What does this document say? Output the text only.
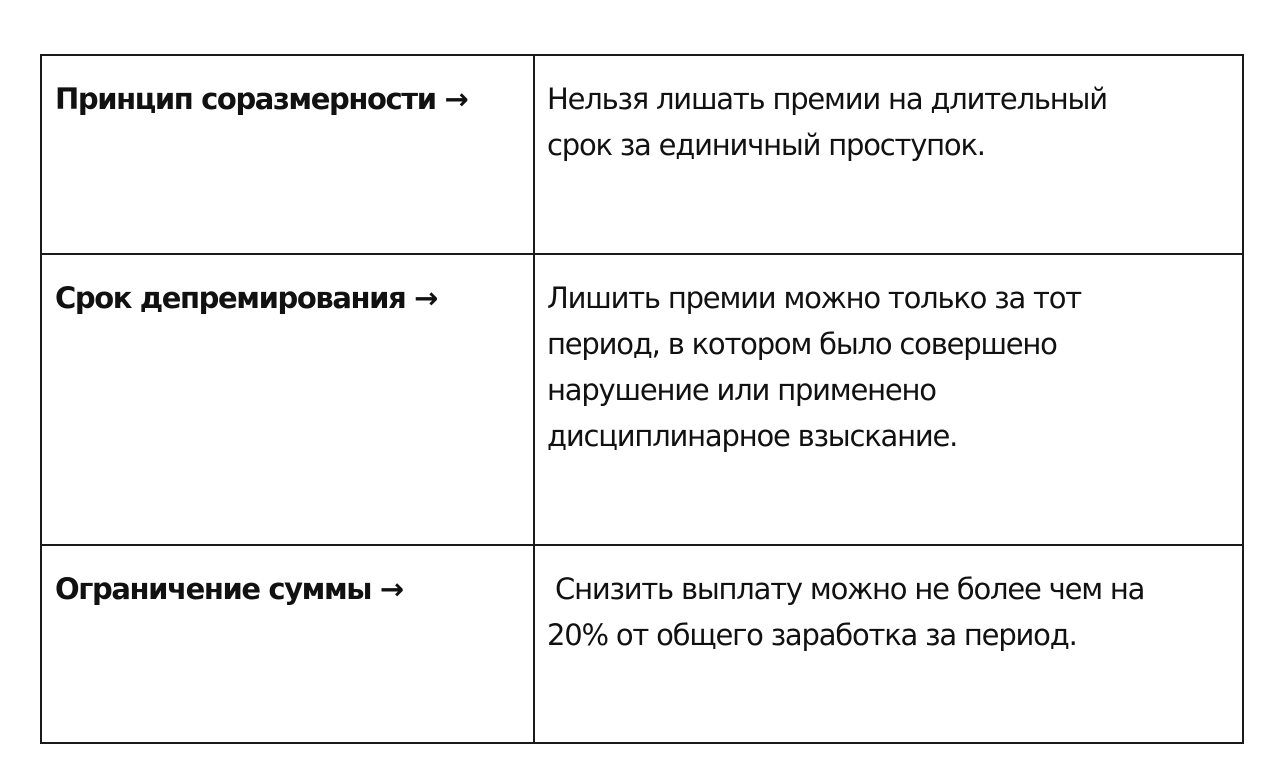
Принцип соразмерности →	Нельзя лишать премии на длительный
срок за единичный проступок.

Срок депремирования →	Лишить премии можно только за тот
период, в котором было совершено
нарушение или применено
дисциплинарное взыскание.

Ограничение суммы →	Снизить выплату можно не более чем на
20% от общего заработка за период.
